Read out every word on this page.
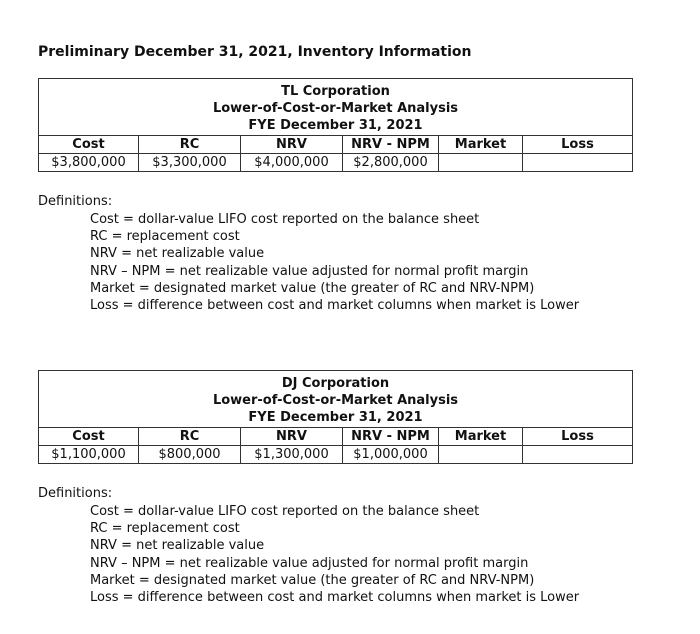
Preliminary December 31, 2021, Inventory Information
TL Corporation
Lower-of-Cost-or-Market Analysis
FYE December 31, 2021					

Cost	RC	NRV	NRV - NPM	Market	Loss
$3,800,000	$3,300,000	$4,000,000	$2,800,000		
Definitions:
Cost = dollar-value LIFO cost reported on the balance sheet
RC = replacement cost
NRV = net realizable value
NRV – NPM = net realizable value adjusted for normal profit margin
Market = designated market value (the greater of RC and NRV-NPM)
Loss = difference between cost and market columns when market is Lower
DJ Corporation
Lower-of-Cost-or-Market Analysis
FYE December 31, 2021					

Cost	RC	NRV	NRV - NPM	Market	Loss
$1,100,000	$800,000	$1,300,000	$1,000,000		
Definitions:
Cost = dollar-value LIFO cost reported on the balance sheet
RC = replacement cost
NRV = net realizable value
NRV – NPM = net realizable value adjusted for normal profit margin
Market = designated market value (the greater of RC and NRV-NPM)
Loss = difference between cost and market columns when market is Lower
